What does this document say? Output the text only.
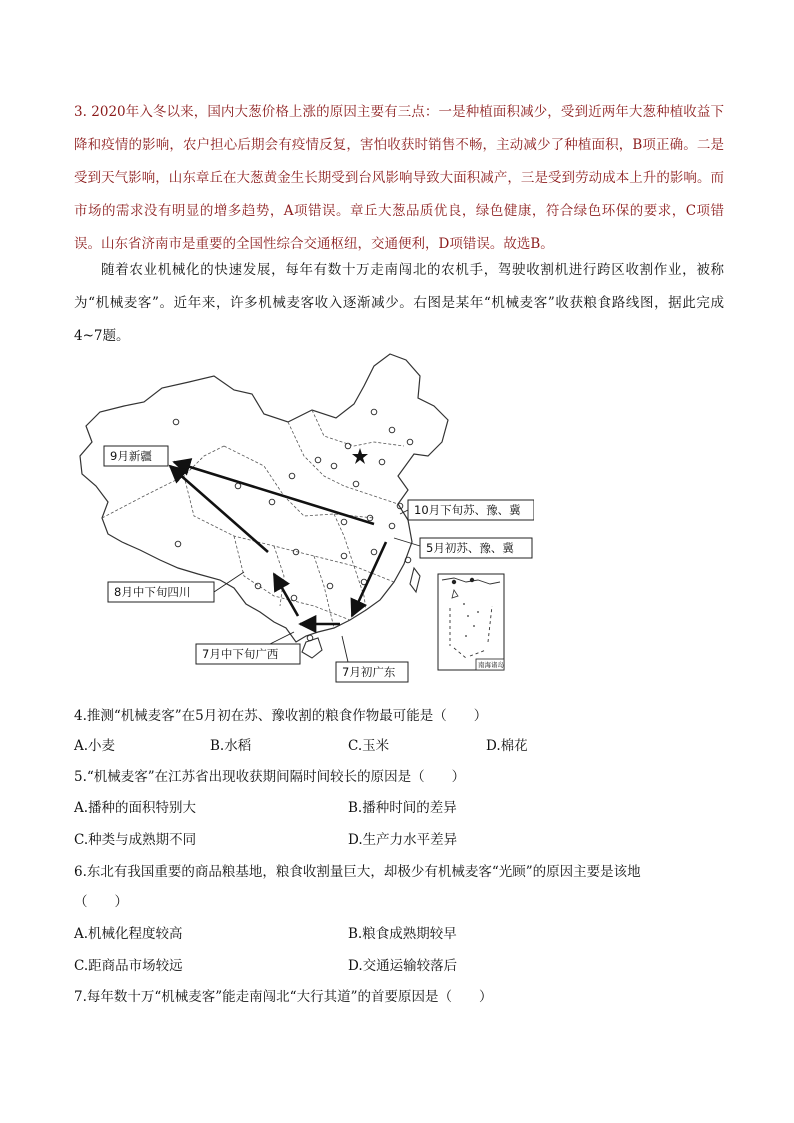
3. 2020年入冬以来，国内大葱价格上涨的原因主要有三点：一是种植面积减少，受到近两年大葱种植收益下降和疫情的影响，农户担心后期会有疫情反复，害怕收获时销售不畅，主动减少了种植面积，B项正确。二是受到天气影响，山东章丘在大葱黄金生长期受到台风影响导致大面积减产，三是受到劳动成本上升的影响。而市场的需求没有明显的增多趋势，A项错误。章丘大葱品质优良，绿色健康，符合绿色环保的要求，C项错误。山东省济南市是重要的全国性综合交通枢纽，交通便利，D项错误。故选B。

随着农业机械化的快速发展，每年有数十万走南闯北的农机手，驾驶收割机进行跨区收割作业，被称为“机械麦客”。近年来，许多机械麦客收入逐渐减少。右图是某年“机械麦客”收获粮食路线图，据此完成4~7题。

9月新疆
10月下旬苏、豫、冀
5月初苏、豫、冀
8月中下旬四川
7月中下旬广西
7月初广东	南海诸岛

4.推测“机械麦客”在5月初在苏、豫收割的粮食作物最可能是（　　）

A.小麦	B.水稻	C.玉米	D.棉花

5.“机械麦客”在江苏省出现收获期间隔时间较长的原因是（　　）

A.播种的面积特别大	B.播种时间的差异
C.种类与成熟期不同	D.生产力水平差异

6.东北有我国重要的商品粮基地，粮食收割量巨大，却极少有机械麦客“光顾”的原因主要是该地

（　　）

A.机械化程度较高	B.粮食成熟期较早
C.距商品市场较远	D.交通运输较落后

7.每年数十万“机械麦客”能走南闯北“大行其道”的首要原因是（　　）
